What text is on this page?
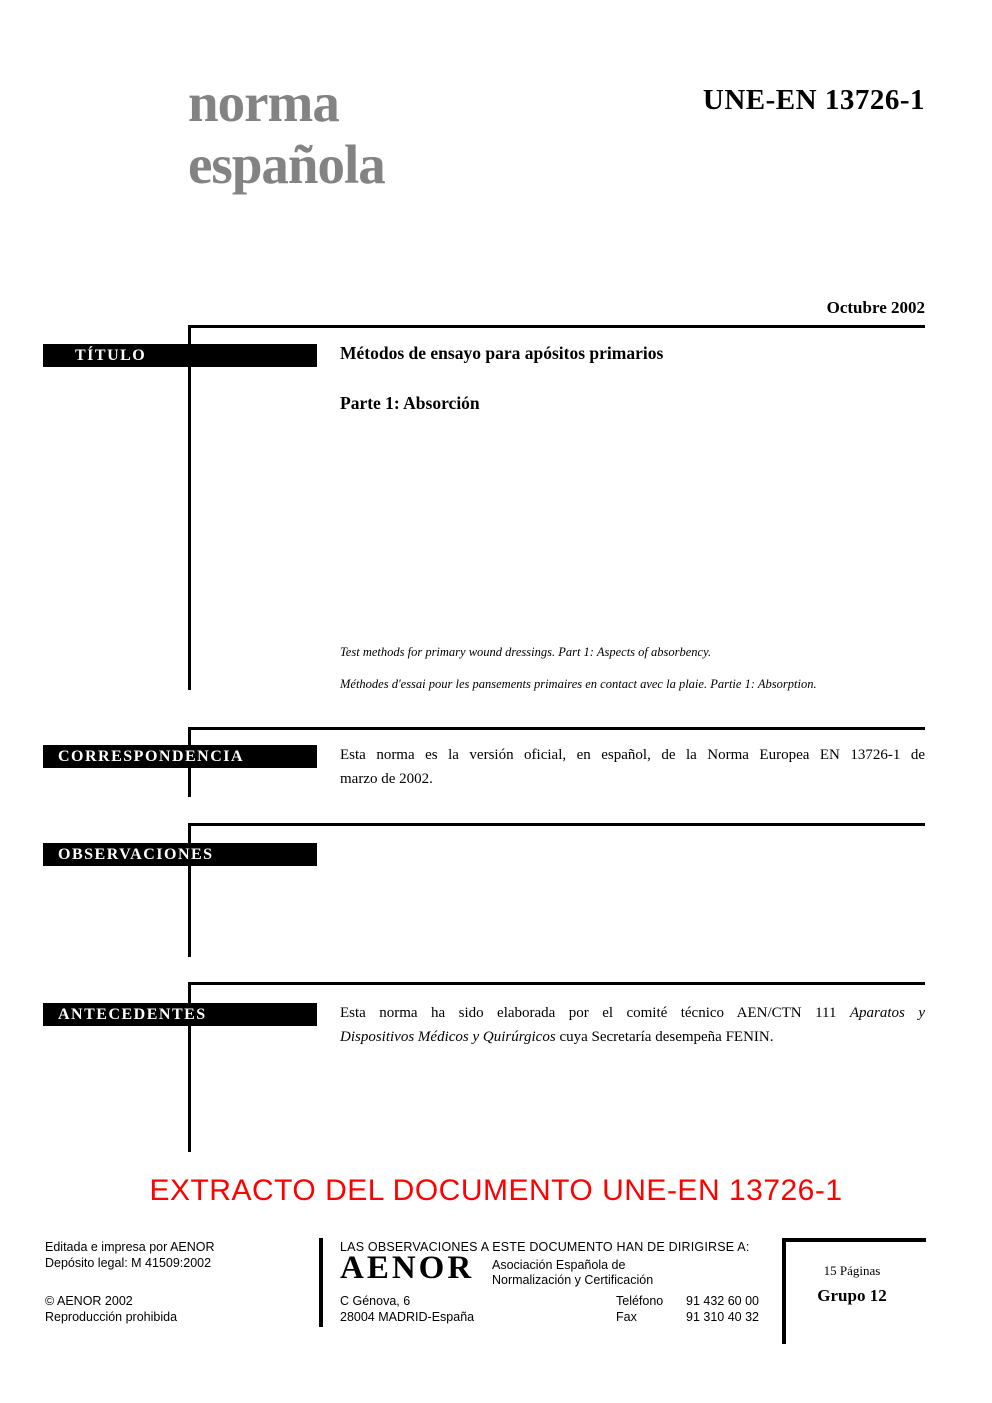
norma
española
UNE-EN 13726-1
Octubre 2002
TÍTULO	Métodos de ensayo para apósitos primarios
Parte 1: Absorción
Test methods for primary wound dressings. Part 1: Aspects of absorbency.
Méthodes d'essai pour les pansements primaires en contact avec la plaie. Partie 1: Absorption.
CORRESPONDENCIA	Esta norma es la versión oficial, en español, de la Norma Europea EN 13726-1 de
marzo de 2002.
OBSERVACIONES
ANTECEDENTES	Esta norma ha sido elaborada por el comité técnico AEN/CTN 111 Aparatos y
Dispositivos Médicos y Quirúrgicos cuya Secretaría desempeña FENIN.
EXTRACTO DEL DOCUMENTO UNE-EN 13726-1
Editada e impresa por AENOR
Depósito legal: M 41509:2002
© AENOR 2002
Reproducción prohibida
LAS OBSERVACIONES A ESTE DOCUMENTO HAN DE DIRIGIRSE A:
AENOR Asociación Española de
Normalización y Certificación
C Génova, 6
28004 MADRID-España
Teléfono 91 432 60 00
Fax	91 310 40 32
15 Páginas
Grupo 12
